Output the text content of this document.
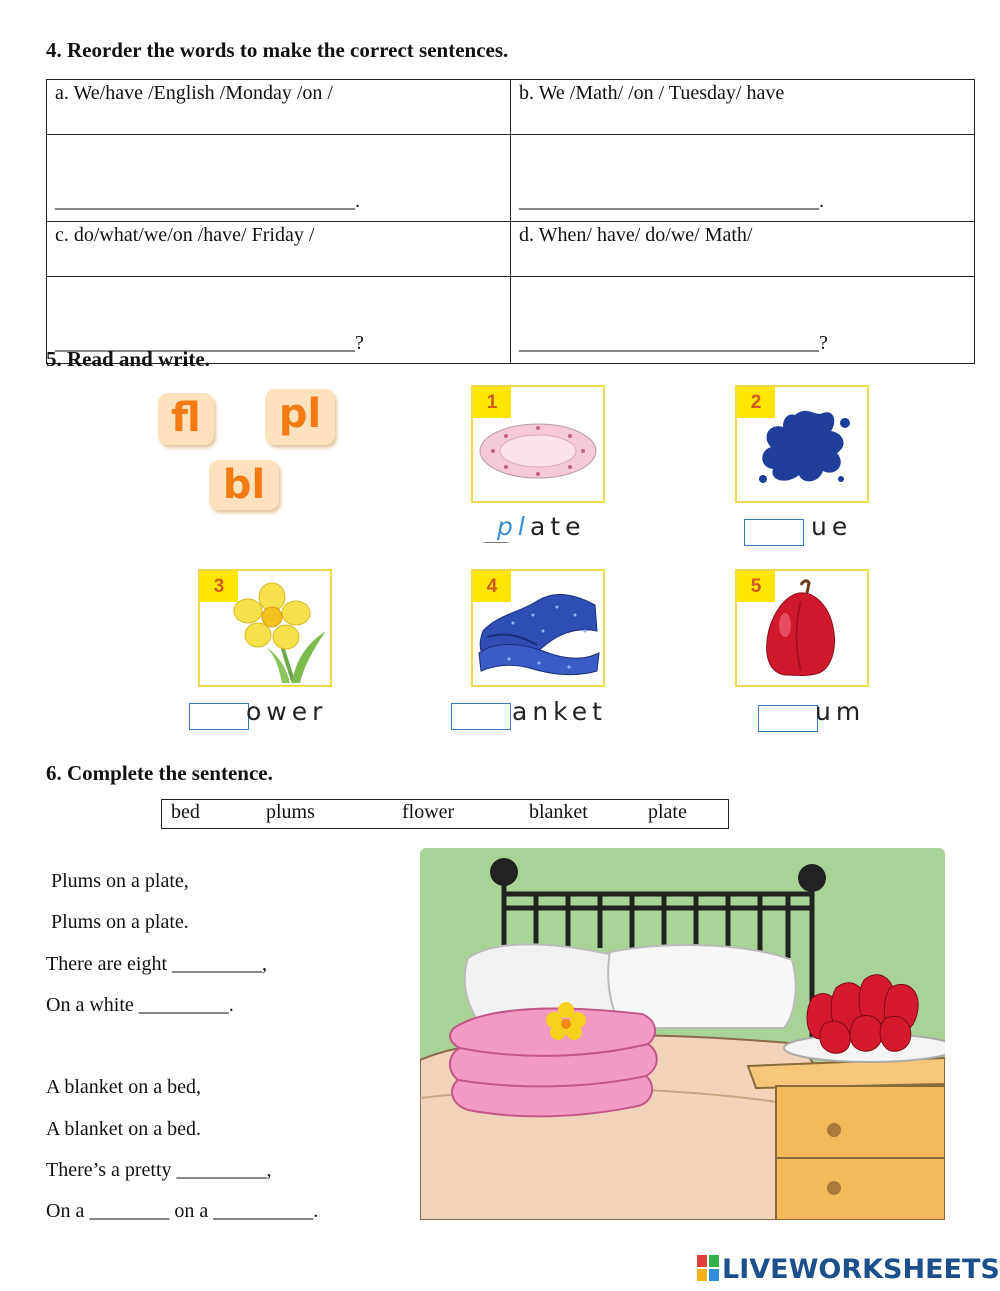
4. Reorder the words to make the correct sentences.
a. We/have /English /Monday /on /	b. We /Math/ /on / Tuesday/ have
______________________________.	______________________________.
c. do/what/we/on /have/ Friday /	d. When/ have/ do/we/ Math/
______________________________?	______________________________?
5. Read and write.
fl	pl
bl
1
pl ate
2
ue
3
ower
4
anket
5
um
6. Complete the sentence.
bed	plums	flower	blanket	plate
Plums on a plate,
Plums on a plate.
There are eight _________,
On a white _________.
A blanket on a bed,
A blanket on a bed.
There’s a pretty _________,
On a ________ on a __________.
LIVEWORKSHEETS
